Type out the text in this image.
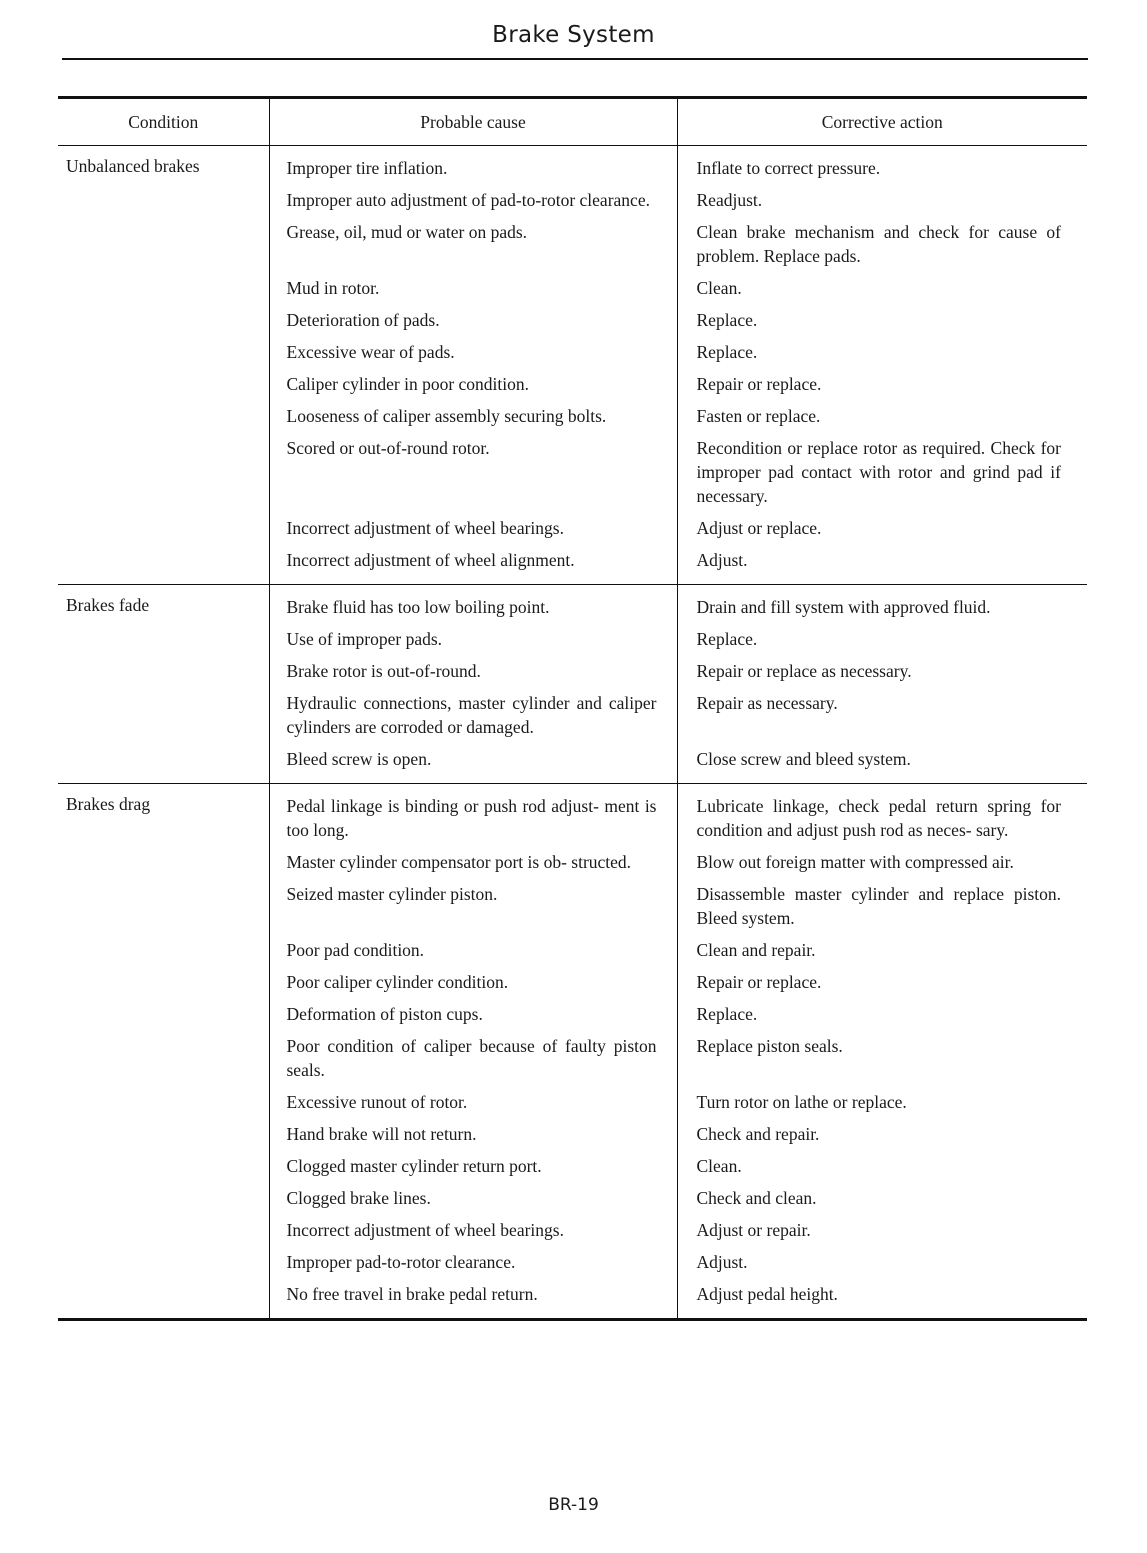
Brake System
Condition	Probable cause	Corrective action
Unbalanced brakes	Improper tire inflation.	Inflate to correct pressure.
	Improper auto adjustment of pad-to-rotor clearance.	Readjust.
	Grease, oil, mud or water on pads.	Clean brake mechanism and check for cause of problem. Replace pads.
	Mud in rotor.	Clean.
	Deterioration of pads.	Replace.
	Excessive wear of pads.	Replace.
	Caliper cylinder in poor condition.	Repair or replace.
	Looseness of caliper assembly securing bolts.	Fasten or replace.
	Scored or out-of-round rotor.	Recondition or replace rotor as required. Check for improper pad contact with rotor and grind pad if necessary.
	Incorrect adjustment of wheel bearings.	Adjust or replace.
	Incorrect adjustment of wheel alignment.	Adjust.
Brakes fade	Brake fluid has too low boiling point.	Drain and fill system with approved fluid.
	Use of improper pads.	Replace.
	Brake rotor is out-of-round.	Repair or replace as necessary.
	Hydraulic connections, master cylinder and caliper cylinders are corroded or damaged.	Repair as necessary.
	Bleed screw is open.	Close screw and bleed system.
Brakes drag	Pedal linkage is binding or push rod adjust- ment is too long.	Lubricate linkage, check pedal return spring for condition and adjust push rod as neces- sary.
	Master cylinder compensator port is ob- structed.	Blow out foreign matter with compressed air.
	Seized master cylinder piston.	Disassemble master cylinder and replace piston. Bleed system.
	Poor pad condition.	Clean and repair.
	Poor caliper cylinder condition.	Repair or replace.
	Deformation of piston cups.	Replace.
	Poor condition of caliper because of faulty piston seals.	Replace piston seals.
	Excessive runout of rotor.	Turn rotor on lathe or replace.
	Hand brake will not return.	Check and repair.
	Clogged master cylinder return port.	Clean.
	Clogged brake lines.	Check and clean.
	Incorrect adjustment of wheel bearings.	Adjust or repair.
	Improper pad-to-rotor clearance.	Adjust.
	No free travel in brake pedal return.	Adjust pedal height.
BR-19
